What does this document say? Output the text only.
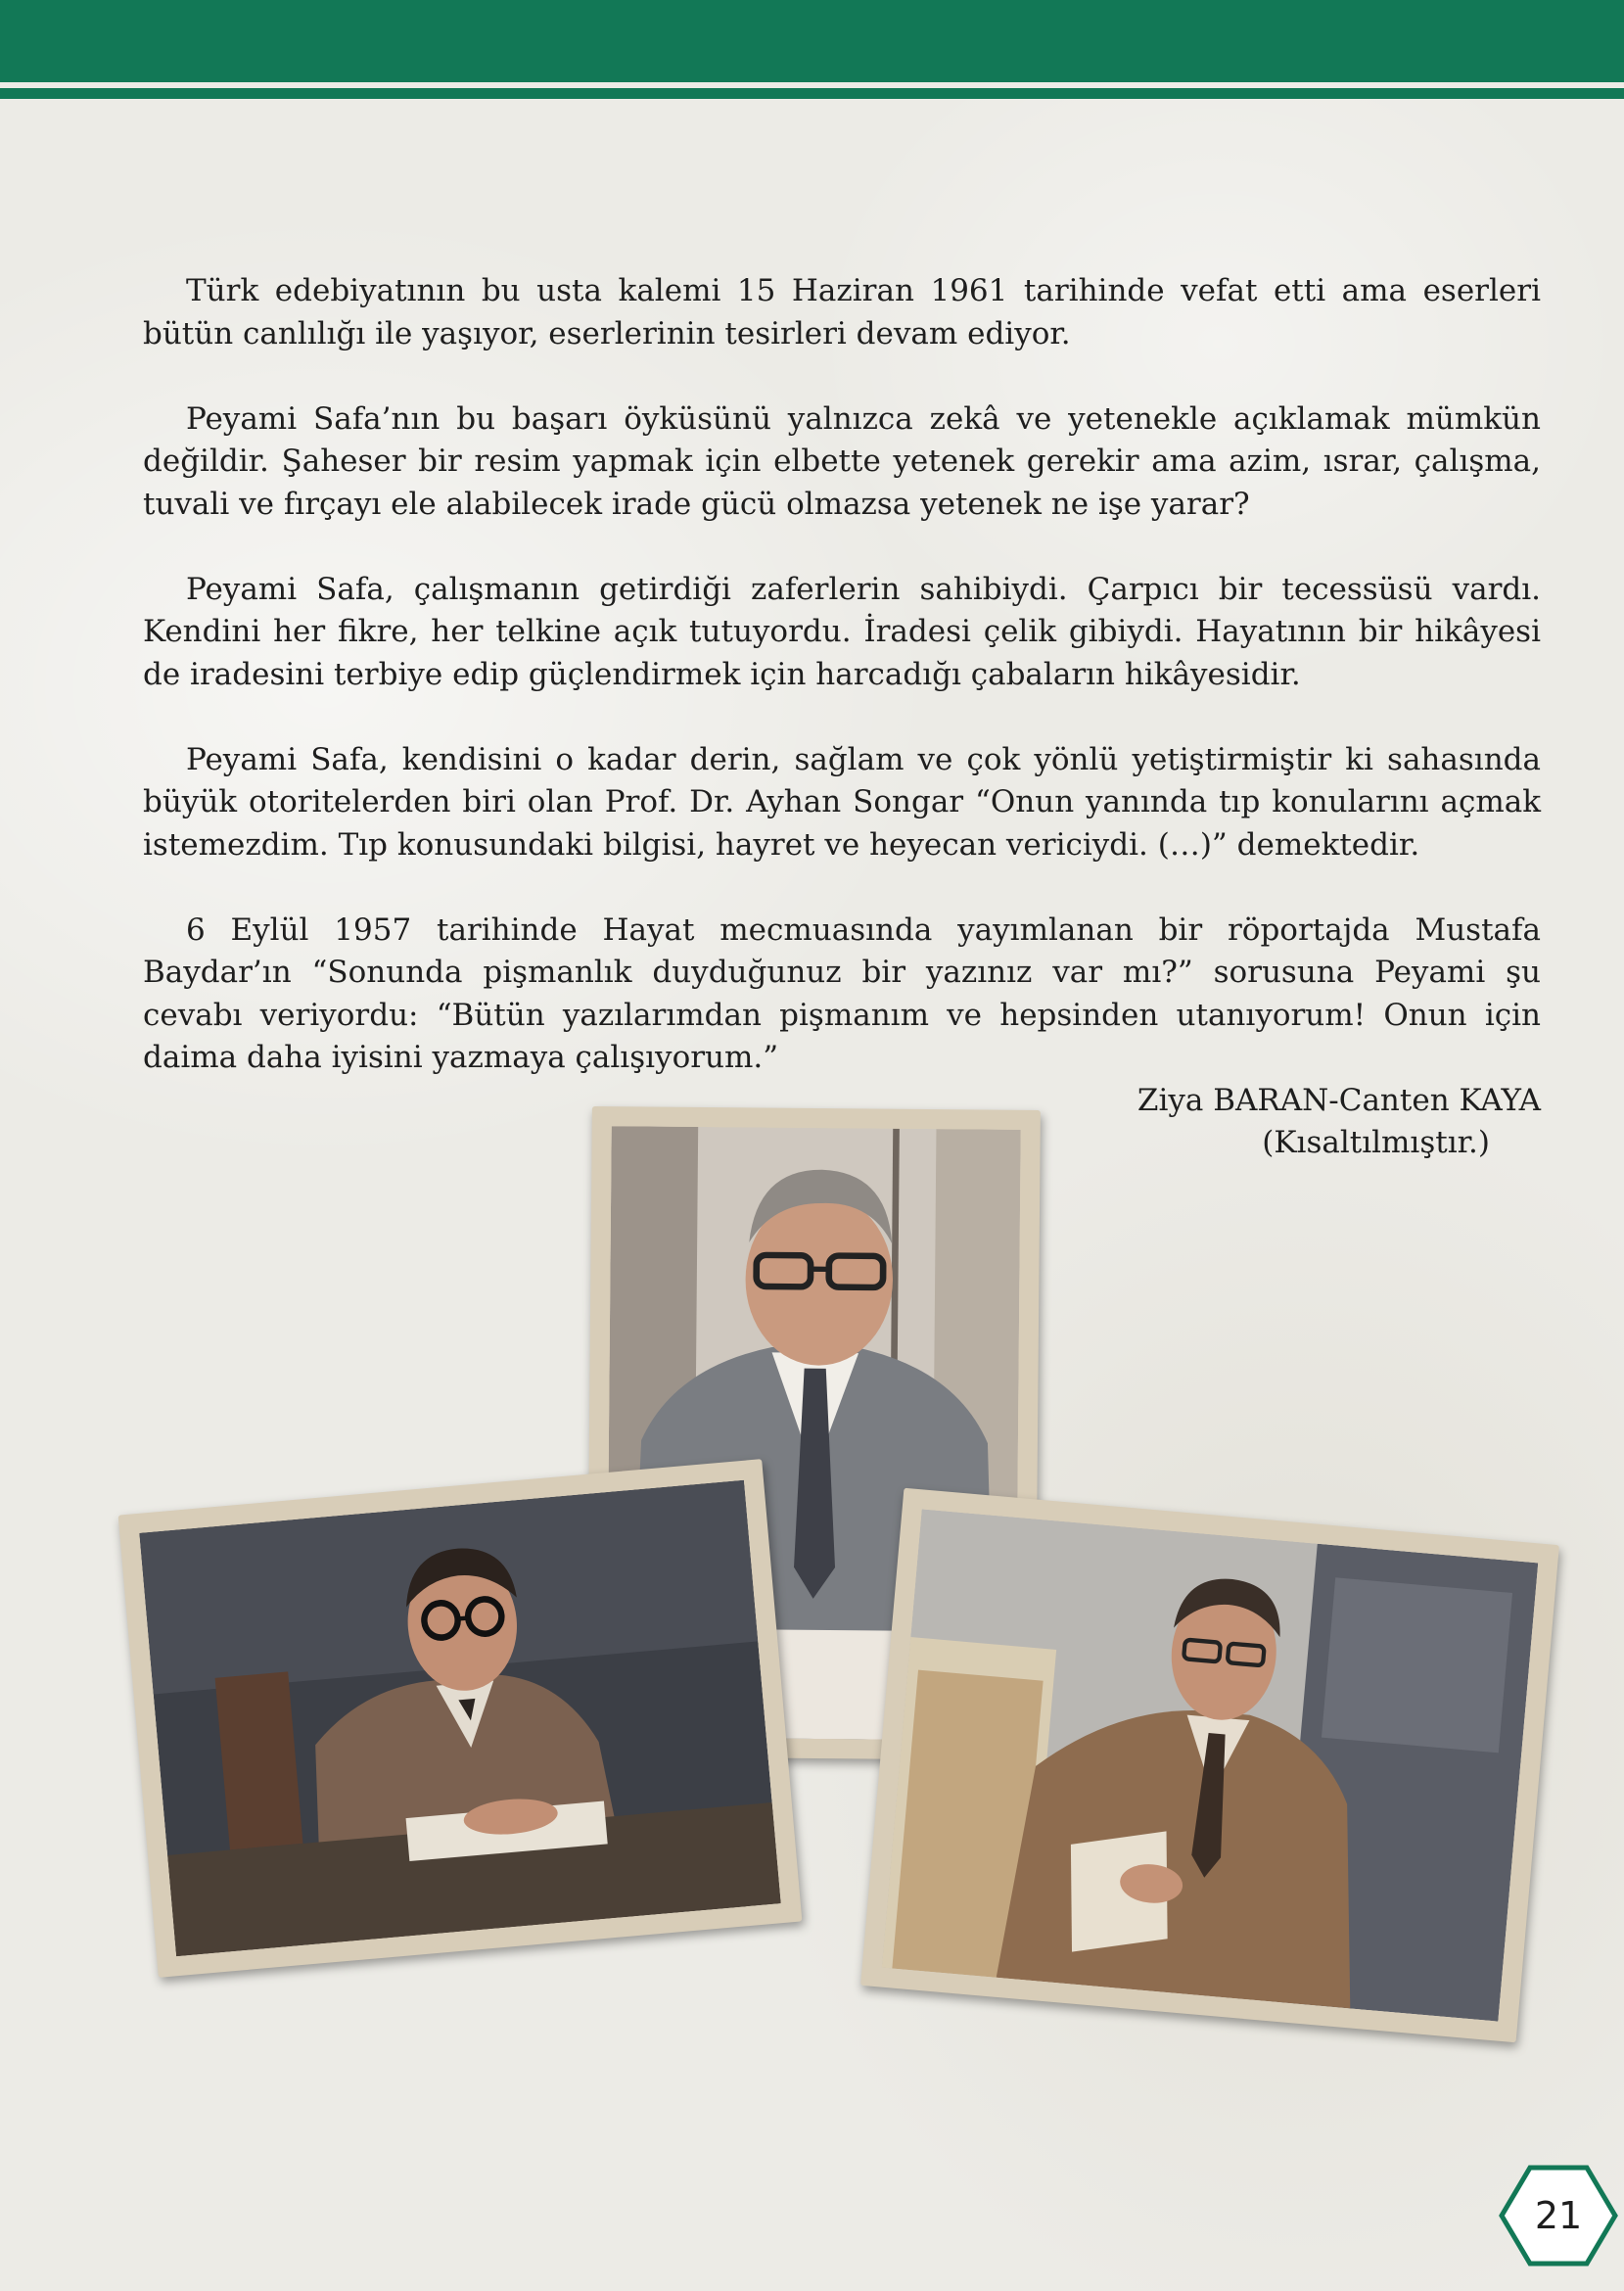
Türk edebiyatının bu usta kalemi 15 Haziran 1961 tarihinde vefat etti ama eserleri bütün canlılığı ile yaşıyor, eserlerinin tesirleri devam ediyor.

Peyami Safa’nın bu başarı öyküsünü yalnızca zekâ ve yetenekle açıklamak mümkün değildir. Şaheser bir resim yapmak için elbette yetenek gerekir ama azim, ısrar, çalışma, tuvali ve fırçayı ele alabilecek irade gücü olmazsa yetenek ne işe yarar?

Peyami Safa, çalışmanın getirdiği zaferlerin sahibiydi. Çarpıcı bir tecessüsü vardı. Kendini her fikre, her telkine açık tutuyordu. İradesi çelik gibiydi. Hayatının bir hikâyesi de iradesini terbiye edip güçlendirmek için harcadığı çabaların hikâyesidir.

Peyami Safa, kendisini o kadar derin, sağlam ve çok yönlü yetiştirmiştir ki sahasında büyük otoritelerden biri olan Prof. Dr. Ayhan Songar “Onun yanında tıp konularını açmak istemezdim. Tıp konusundaki bilgisi, hayret ve heyecan vericiydi. (…)” demektedir.

6 Eylül 1957 tarihinde Hayat mecmuasında yayımlanan bir röportajda Mustafa Baydar’ın “Sonunda pişmanlık duyduğunuz bir yazınız var mı?” sorusuna Peyami şu cevabı veriyordu: “Bütün yazılarımdan pişmanım ve hepsinden utanıyorum! Onun için daima daha iyisini yazmaya çalışıyorum.”

Ziya BARAN-Canten KAYA
(Kısaltılmıştır.)
21
